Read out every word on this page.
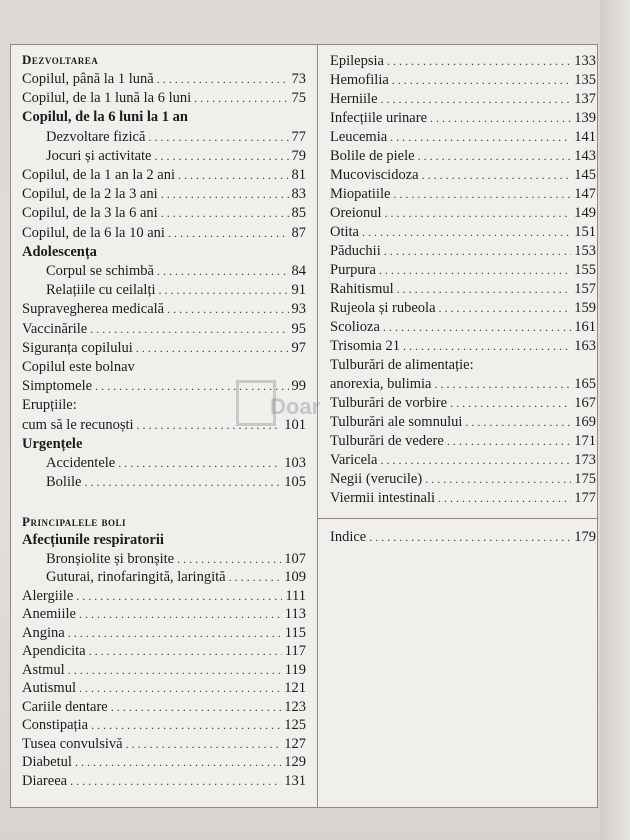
Dezvoltarea
Principalele boli
Copilul, până la 1 lună . . .	73
Copilul, de la 1 lună la 6 luni . . .	75
Copilul, de la 6 luni la 1 an
Dezvoltare fizică . . .	77
Jocuri și activitate . . .	79
Copilul, de la 1 an la 2 ani . . .	81
Copilul, de la 2 la 3 ani . . .	83
Copilul, de la 3 la 6 ani . . .	85
Copilul, de la 6 la 10 ani . . .	87
Adolescența
Corpul se schimbă . . .	84
Relațiile cu ceilalți . . .	91
Supravegherea medicală . . .	93
Vaccinările . . .	95
Siguranța copilului . . .	97
Copilul este bolnav
Simptomele . . .	99
Erupțiile:
cum să le recunoști . . .	101
Urgențele
Accidentele . . .	103
Bolile . . .	105
Afecțiunile respiratorii
Bronșiolite și bronșite . . .	107
Guturai, rinofaringită, laringită . . .	109
Alergiile . . .	111
Anemiile . . .	113
Angina . . .	115
Apendicita . . .	117
Astmul . . .	119
Autismul . . .	121
Cariile dentare . . .	123
Constipația . . .	125
Tusea convulsivă . . .	127
Diabetul . . .	129
Diareea . . .	131
Epilepsia . . .	133
Hemofilia . . .	135
Herniile . . .	137
Infecțiile urinare . . .	139
Leucemia . . .	141
Bolile de piele . . .	143
Mucoviscidoza . . .	145
Miopatiile . . .	147
Oreionul . . .	149
Otita . . .	151
Păduchii . . .	153
Purpura . . .	155
Rahitismul . . .	157
Rujeola și rubeola . . .	159
Scolioza . . .	161
Trisomia 21 . . .	163
Tulburări de alimentație:
anorexia, bulimia . . .	165
Tulburări de vorbire . . .	167
Tulburări ale somnului . . .	169
Tulburări de vedere . . .	171
Varicela . . .	173
Negii (verucile) . . .	175
Viermii intestinali . . .	177
Indice . . .	179
Doar
